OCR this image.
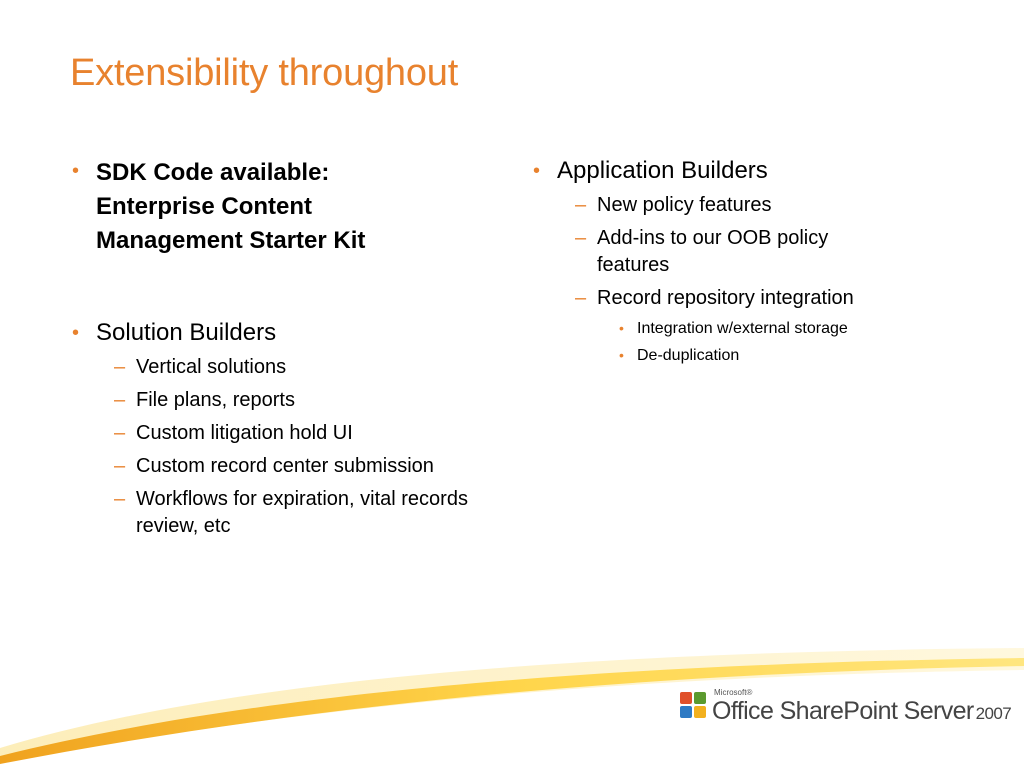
Extensibility throughout
• SDK Code available:
Enterprise Content
Management Starter Kit
• Solution Builders
– Vertical solutions
– File plans, reports
– Custom litigation hold UI
– Custom record center submission
– Workflows for expiration, vital records review, etc
• Application Builders
– New policy features
– Add-ins to our OOB policy features
– Record repository integration
• Integration w/external storage
• De-duplication
Microsoft®
Office SharePoint Server 2007
